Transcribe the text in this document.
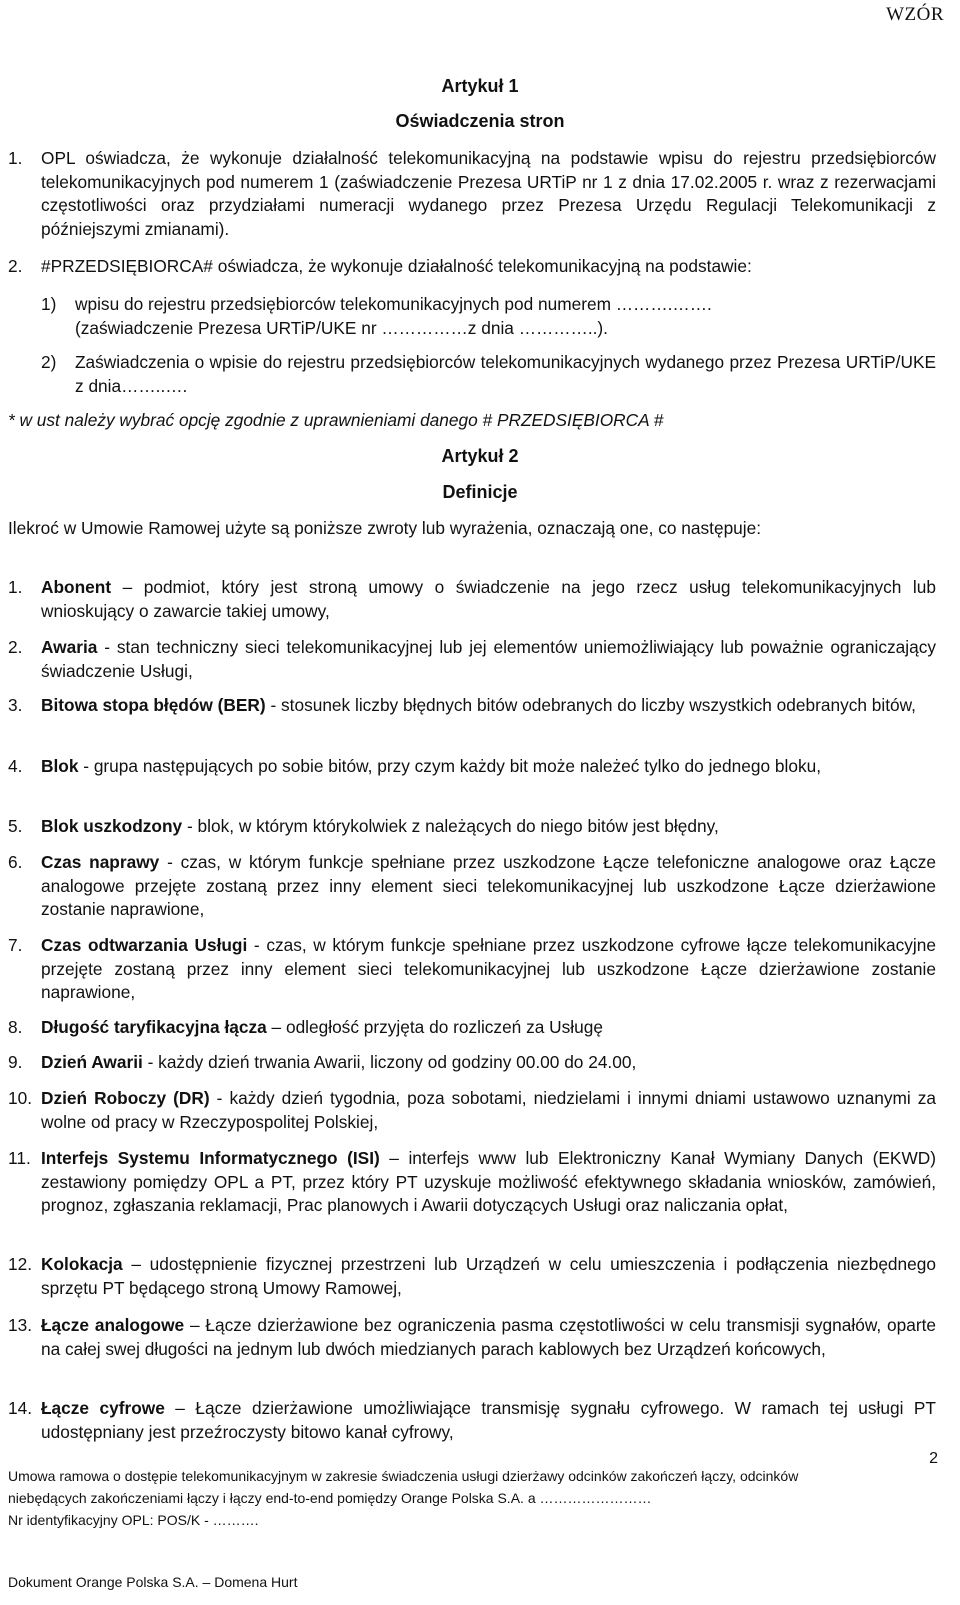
WZÓR
Artykuł 1
Oświadczenia stron
1. OPL oświadcza, że wykonuje działalność telekomunikacyjną na podstawie wpisu do rejestru przedsiębiorców telekomunikacyjnych pod numerem 1 (zaświadczenie Prezesa URTiP nr 1 z dnia 17.02.2005 r. wraz z rezerwacjami częstotliwości oraz przydziałami numeracji wydanego przez Prezesa Urzędu Regulacji Telekomunikacji z późniejszymi zmianami).
2. #PRZEDSIĘBIORCA# oświadcza, że wykonuje działalność telekomunikacyjną na podstawie:
1) wpisu do rejestru przedsiębiorców telekomunikacyjnych pod numerem ……….…….
(zaświadczenie Prezesa URTiP/UKE nr ……………z dnia …………..).
2) Zaświadczenia o wpisie do rejestru przedsiębiorców telekomunikacyjnych wydanego przez Prezesa URTiP/UKE z dnia……..….
* w ust należy wybrać opcję zgodnie z uprawnieniami danego # PRZEDSIĘBIORCA #
Artykuł 2
Definicje
Ilekroć w Umowie Ramowej użyte są poniższe zwroty lub wyrażenia, oznaczają one, co następuje:
1. Abonent – podmiot, który jest stroną umowy o świadczenie na jego rzecz usług telekomunikacyjnych lub wnioskujący o zawarcie takiej umowy,
2. Awaria - stan techniczny sieci telekomunikacyjnej lub jej elementów uniemożliwiający lub poważnie ograniczający świadczenie Usługi,
3. Bitowa stopa błędów (BER) - stosunek liczby błędnych bitów odebranych do liczby wszystkich odebranych bitów,
4. Blok - grupa następujących po sobie bitów, przy czym każdy bit może należeć tylko do jednego bloku,
5. Blok uszkodzony - blok, w którym którykolwiek z należących do niego bitów jest błędny,
6. Czas naprawy - czas, w którym funkcje spełniane przez uszkodzone Łącze telefoniczne analogowe oraz Łącze analogowe przejęte zostaną przez inny element sieci telekomunikacyjnej lub uszkodzone Łącze dzierżawione zostanie naprawione,
7. Czas odtwarzania Usługi - czas, w którym funkcje spełniane przez uszkodzone cyfrowe łącze telekomunikacyjne przejęte zostaną przez inny element sieci telekomunikacyjnej lub uszkodzone Łącze dzierżawione zostanie naprawione,
8. Długość taryfikacyjna łącza – odległość przyjęta do rozliczeń za Usługę
9. Dzień Awarii - każdy dzień trwania Awarii, liczony od godziny 00.00 do 24.00,
10. Dzień Roboczy (DR) - każdy dzień tygodnia, poza sobotami, niedzielami i innymi dniami ustawowo uznanymi za wolne od pracy w Rzeczypospolitej Polskiej,
11. Interfejs Systemu Informatycznego (ISI) – interfejs www lub Elektroniczny Kanał Wymiany Danych (EKWD) zestawiony pomiędzy OPL a PT, przez który PT uzyskuje możliwość efektywnego składania wniosków, zamówień, prognoz, zgłaszania reklamacji, Prac planowych i Awarii dotyczących Usługi oraz naliczania opłat,
12. Kolokacja – udostępnienie fizycznej przestrzeni lub Urządzeń w celu umieszczenia i podłączenia niezbędnego sprzętu PT będącego stroną Umowy Ramowej,
13. Łącze analogowe – Łącze dzierżawione bez ograniczenia pasma częstotliwości w celu transmisji sygnałów, oparte na całej swej długości na jednym lub dwóch miedzianych parach kablowych bez Urządzeń końcowych,
14. Łącze cyfrowe – Łącze dzierżawione umożliwiające transmisję sygnału cyfrowego. W ramach tej usługi PT udostępniany jest przeźroczysty bitowo kanał cyfrowy,
2
Umowa ramowa o dostępie telekomunikacyjnym w zakresie świadczenia usługi dzierżawy odcinków zakończeń łączy, odcinków
niebędących zakończeniami łączy i łączy end-to-end pomiędzy Orange Polska S.A. a ……………………
Nr identyfikacyjny OPL: POS/K - ……….
Dokument Orange Polska S.A. – Domena Hurt
